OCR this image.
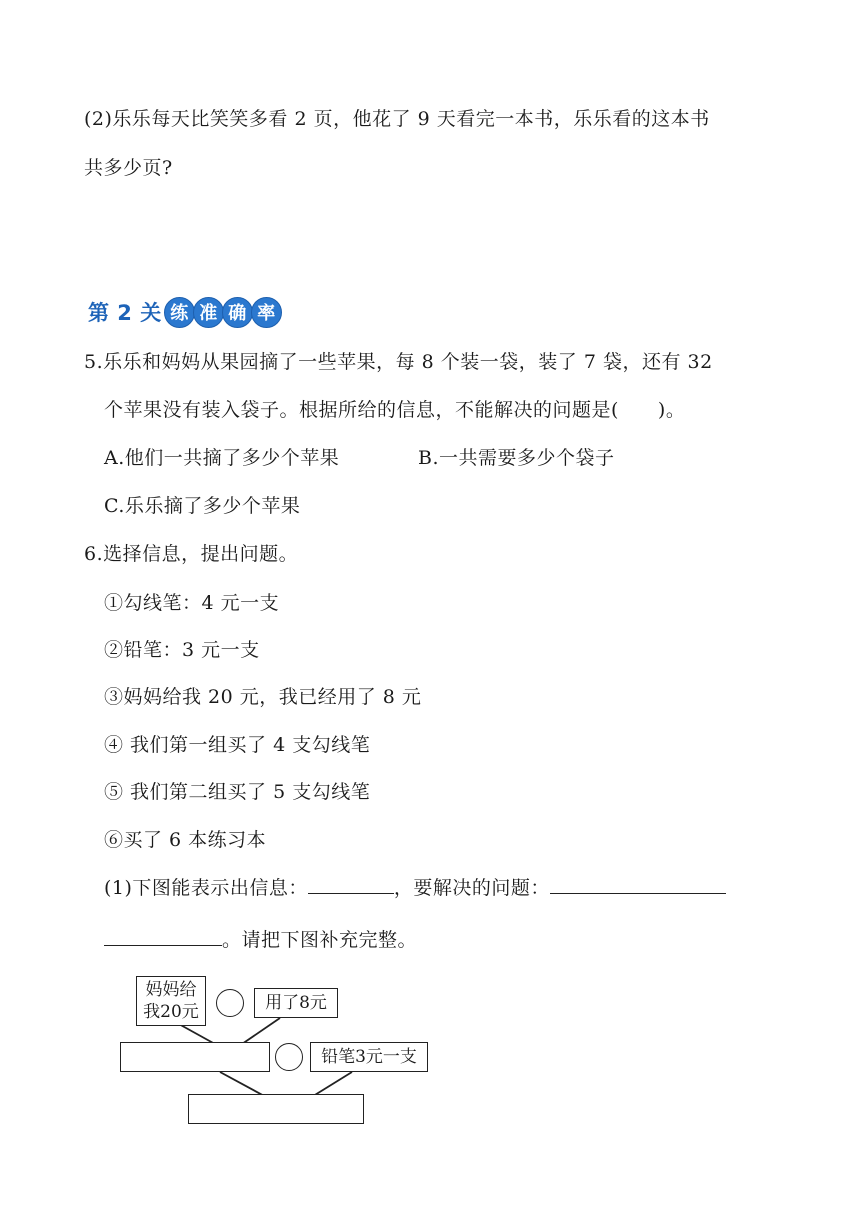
(2)乐乐每天比笑笑多看 2 页，他花了 9 天看完一本书，乐乐看的这本书
共多少页?
第 2 关 练 准 确 率
5.乐乐和妈妈从果园摘了一些苹果，每 8 个装一袋，装了 7 袋，还有 32
个苹果没有装入袋子。根据所给的信息，不能解决的问题是(　　)。
A.他们一共摘了多少个苹果	B.一共需要多少个袋子
C.乐乐摘了多少个苹果
6.选择信息，提出问题。
①勾线笔：4 元一支
②铅笔：3 元一支
③妈妈给我 20 元，我已经用了 8 元
④ 我们第一组买了 4 支勾线笔
⑤ 我们第二组买了 5 支勾线笔
⑥买了 6 本练习本
(1)下图能表示出信息：	，要解决的问题：
。请把下图补充完整。
妈妈给
我20元	用了8元
铅笔3元一支
